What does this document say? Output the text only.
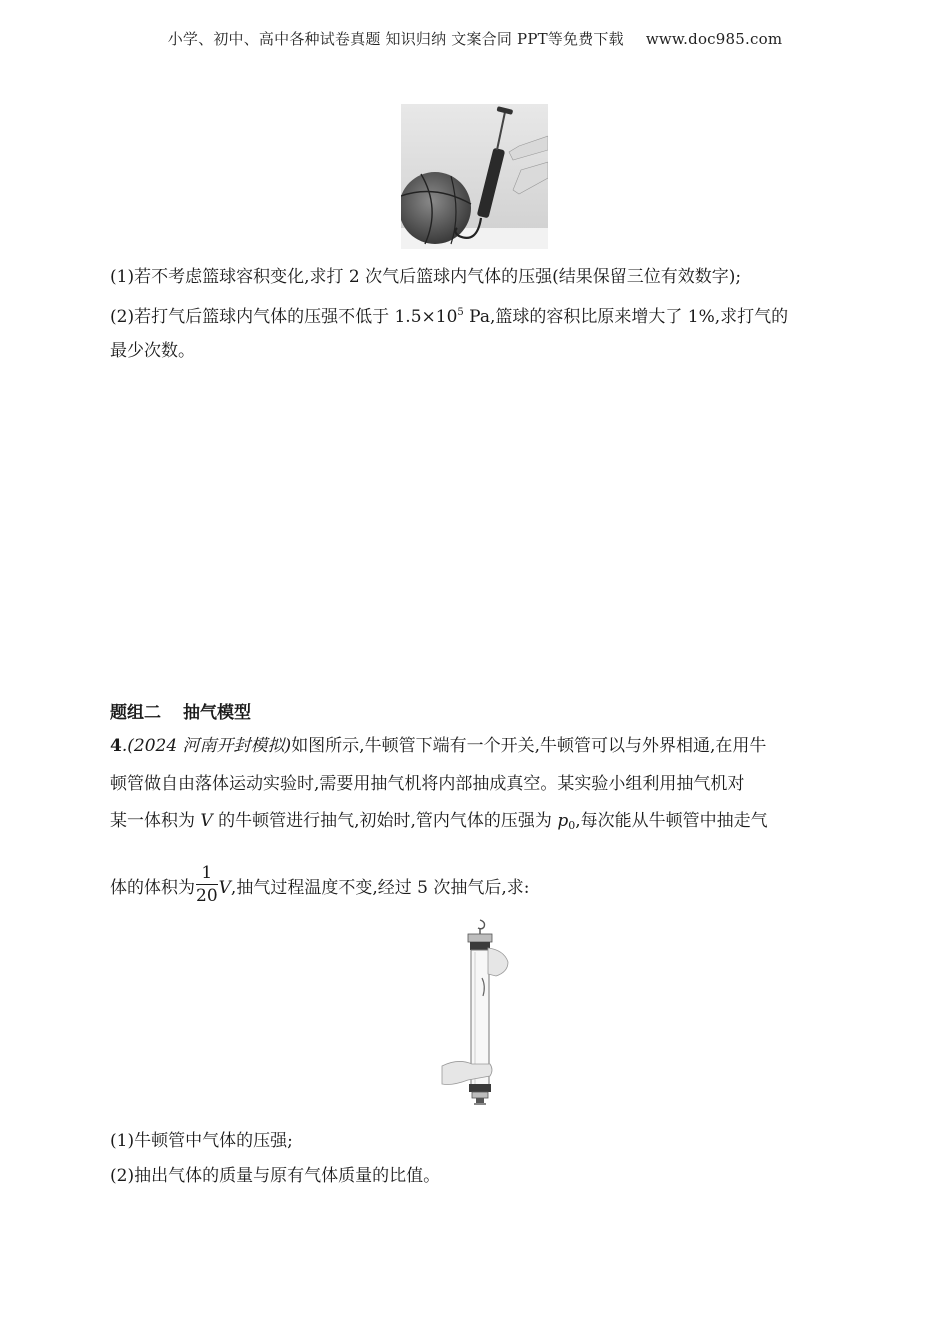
小学、初中、高中各种试卷真题 知识归纳 文案合同 PPT等免费下载 www.doc985.com
(1)若不考虑篮球容积变化,求打 2 次气后篮球内气体的压强(结果保留三位有效数字);
(2)若打气后篮球内气体的压强不低于 $1.5\times 10^5$ Pa,篮球的容积比原来增大了 1%,求打气的
最少次数。
题组二 抽气模型
4.(2024 河南开封模拟)如图所示,牛顿管下端有一个开关,牛顿管可以与外界相通,在用牛
顿管做自由落体运动实验时,需要用抽气机将内部抽成真空。某实验小组利用抽气机对
某一体积为 V 的牛顿管进行抽气,初始时,管内气体的压强为 $p_0$,每次能从牛顿管中抽走气
体的体积为 $\frac{1}{20} V$,抽气过程温度不变,经过 5 次抽气后,求:
(1)牛顿管中气体的压强;
(2)抽出气体的质量与原有气体质量的比值。
